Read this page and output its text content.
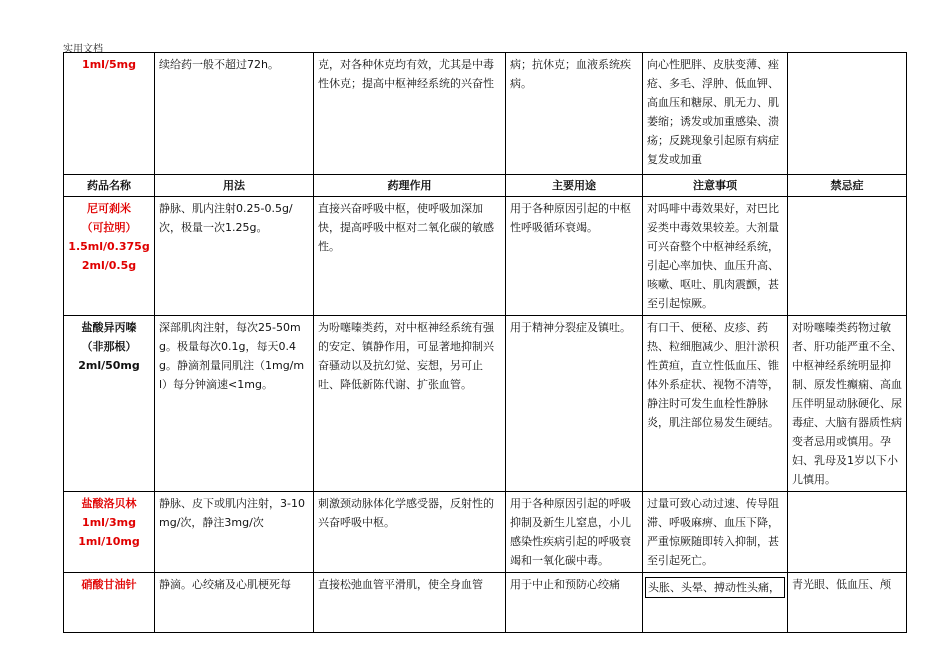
实用文档
1ml/5mg	续给药一般不超过72h。	克，对各种休克均有效，尤其是中毒性休克；提高中枢神经系统的兴奋性	病；抗休克；血液系统疾病。	向心性肥胖、皮肤变薄、痤疮、多毛、浮肿、低血钾、高血压和糖尿、肌无力、肌萎缩；诱发或加重感染、溃疡；反跳现象引起原有病症复发或加重	
药品名称	用法	药理作用	主要用途	注意事项	禁忌症

尼可刹米
（可拉明）
1.5ml/0.375g
2ml/0.5g	静脉、肌内注射0.25-0.5g/次，极量一次1.25g。	直接兴奋呼吸中枢，使呼吸加深加快，提高呼吸中枢对二氧化碳的敏感性。	用于各种原因引起的中枢性呼吸循环衰竭。	对吗啡中毒效果好，对巴比妥类中毒效果较差。大剂量可兴奋整个中枢神经系统，引起心率加快、血压升高、咳嗽、呕吐、肌肉震颤，甚至引起惊厥。	

盐酸异丙嗪
（非那根）
2ml/50mg	深部肌肉注射，每次25-50mg。极量每次0.1g，每天0.4g。静滴剂量同肌注（1mg/ml）每分钟滴速<1mg。	为吩噻嗪类药，对中枢神经系统有强的安定、镇静作用，可显著地抑制兴奋骚动以及抗幻觉、妄想，另可止吐、降低新陈代谢、扩张血管。	用于精神分裂症及镇吐。	有口干、便秘、皮疹、药热、粒细胞减少、胆汁淤积性黄疸，直立性低血压、锥体外系症状、视物不清等，静注时可发生血栓性静脉炎，肌注部位易发生硬结。	对吩噻嗪类药物过敏者、肝功能严重不全、中枢神经系统明显抑制、原发性癫痫、高血压伴明显动脉硬化、尿毒症、大脑有器质性病变者忌用或慎用。孕妇、乳母及1岁以下小儿慎用。

盐酸洛贝林
1ml/3mg
1ml/10mg	静脉、皮下或肌内注射，3-10mg/次，静注3mg/次	刺激颈动脉体化学感受器，反射性的兴奋呼吸中枢。	用于各种原因引起的呼吸抑制及新生儿窒息，小儿感染性疾病引起的呼吸衰竭和一氧化碳中毒。	过量可致心动过速、传导阻滞、呼吸麻痹、血压下降，严重惊厥随即转入抑制，甚至引起死亡。	

硝酸甘油针	静滴。心绞痛及心肌梗死每	直接松弛血管平滑肌，使全身血管	用于中止和预防心绞痛	头胀、头晕、搏动性头痛，	青光眼、低血压、颅
